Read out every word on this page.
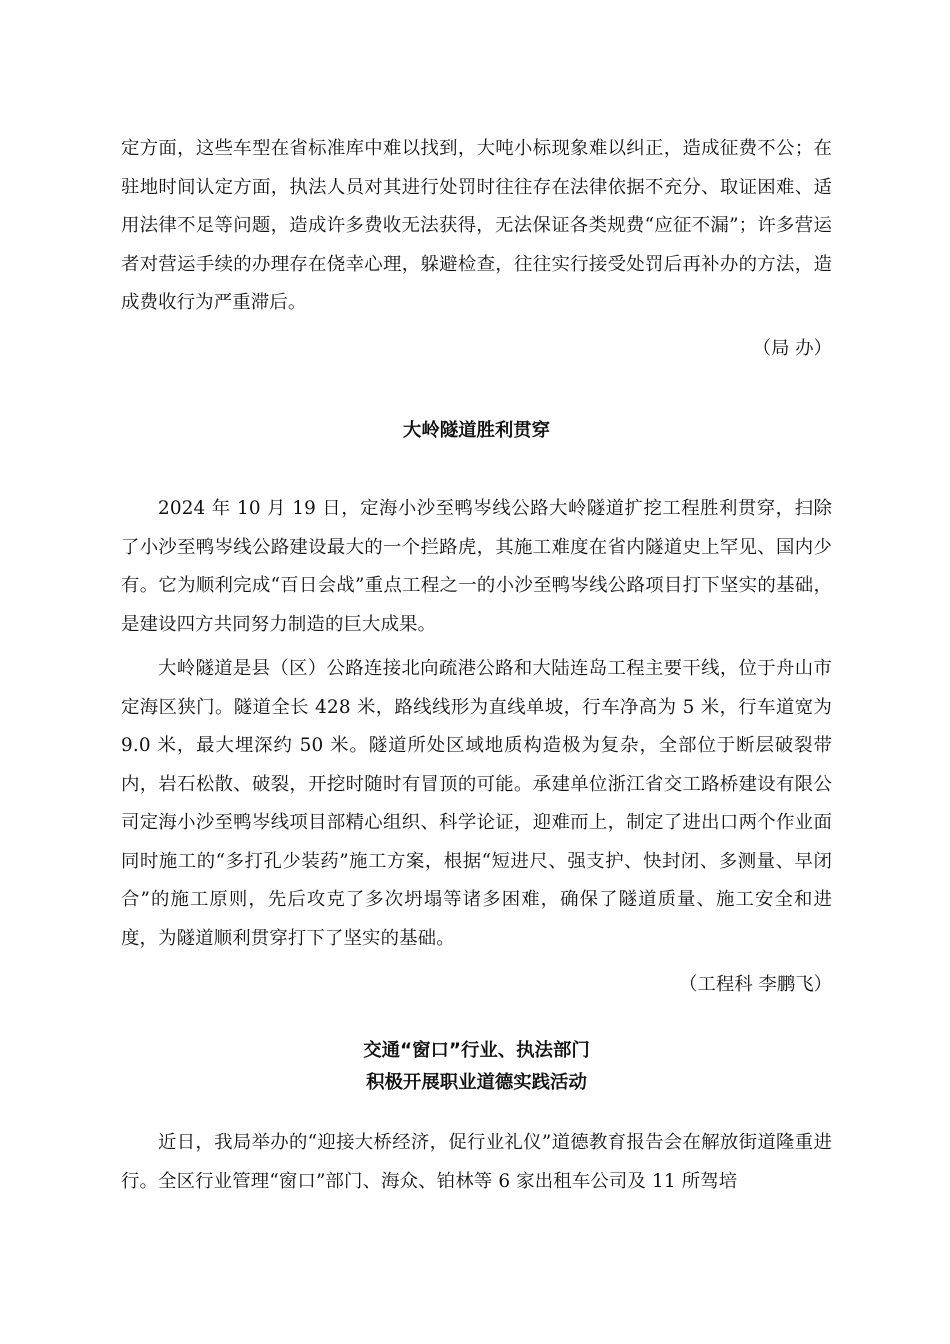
定方面，这些车型在省标准库中难以找到，大吨小标现象难以纠正，造成征费不公；在驻地时间认定方面，执法人员对其进行处罚时往往存在法律依据不充分、取证困难、适用法律不足等问题，造成许多费收无法获得，无法保证各类规费“应征不漏”；许多营运者对营运手续的办理存在侥幸心理，躲避检查，往往实行接受处罚后再补办的方法，造成费收行为严重滞后。

（局 办）

大岭隧道胜利贯穿

2024 年 10 月 19 日，定海小沙至鸭岑线公路大岭隧道扩挖工程胜利贯穿，扫除了小沙至鸭岑线公路建设最大的一个拦路虎，其施工难度在省内隧道史上罕见、国内少有。它为顺利完成“百日会战”重点工程之一的小沙至鸭岑线公路项目打下坚实的基础，是建设四方共同努力制造的巨大成果。

大岭隧道是县（区）公路连接北向疏港公路和大陆连岛工程主要干线，位于舟山市定海区狭门。隧道全长 428 米，路线线形为直线单坡，行车净高为 5 米，行车道宽为 9.0 米，最大埋深约 50 米。隧道所处区域地质构造极为复杂，全部位于断层破裂带内，岩石松散、破裂，开挖时随时有冒顶的可能。承建单位浙江省交工路桥建设有限公司定海小沙至鸭岑线项目部精心组织、科学论证，迎难而上，制定了进出口两个作业面同时施工的“多打孔少装药”施工方案，根据“短进尺、强支护、快封闭、多测量、早闭合”的施工原则，先后攻克了多次坍塌等诸多困难，确保了隧道质量、施工安全和进度，为隧道顺利贯穿打下了坚实的基础。

（工程科 李鹏飞）

交通“窗口”行业、执法部门
积极开展职业道德实践活动

近日，我局举办的“迎接大桥经济，促行业礼仪”道德教育报告会在解放街道隆重进行。全区行业管理“窗口”部门、海众、铂林等 6 家出租车公司及 11 所驾培
